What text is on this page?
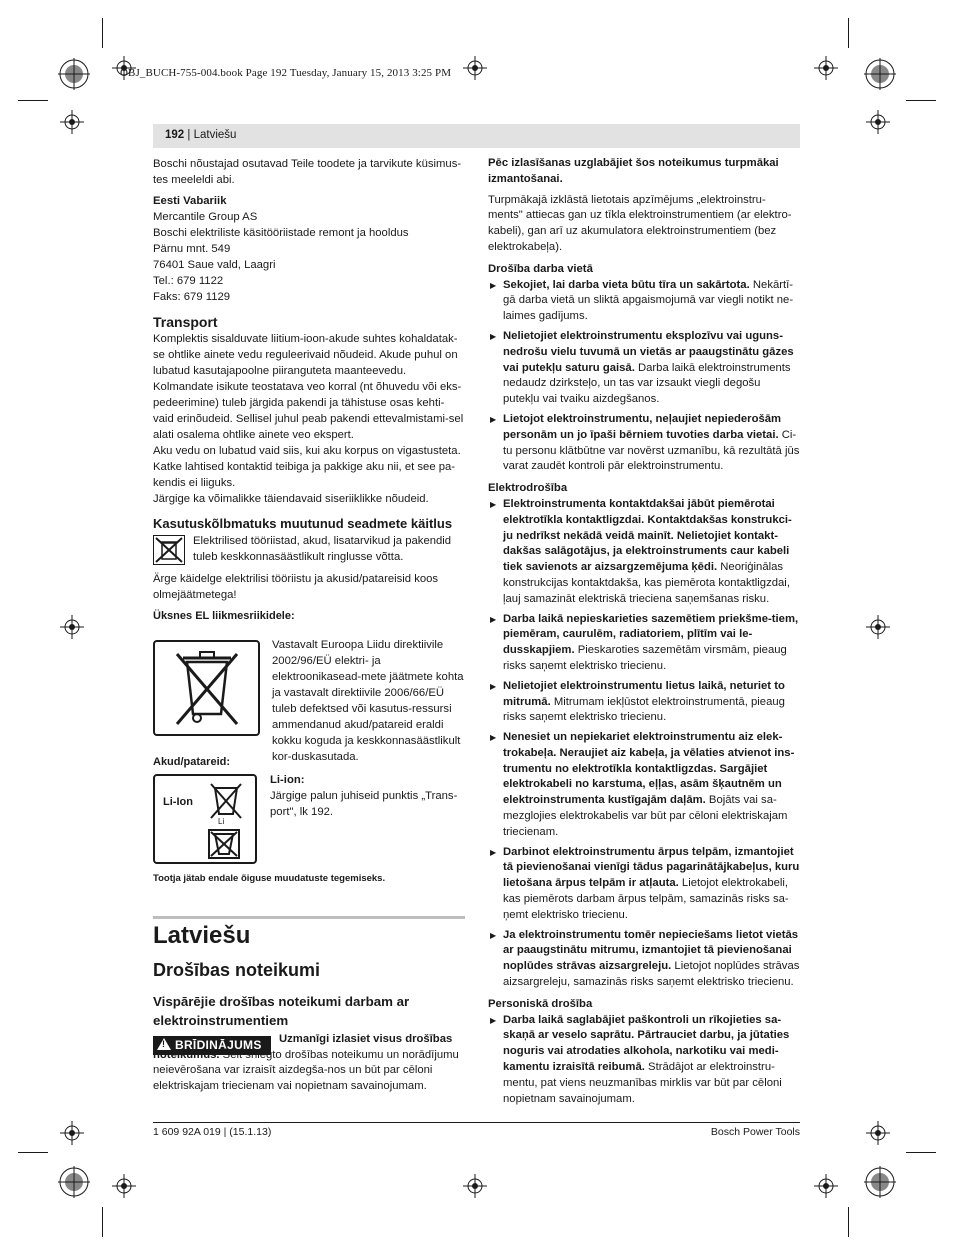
OBJ_BUCH-755-004.book Page 192 Tuesday, January 15, 2013 3:25 PM
192 | Latviešu

Boschi nõustajad osutavad Teile toodete ja tarvikute küsimus-tes meeleldi abi.

Eesti Vabariik

Mercantile Group AS

Boschi elektriliste käsitööriistade remont ja hooldus

Pärnu mnt. 549

76401 Saue vald, Laagri

Tel.: 679 1122

Faks: 679 1129

Transport

Komplektis sisalduvate liitium-ioon-akude suhtes kohaldatak-se ohtlike ainete vedu reguleerivaid nõudeid. Akude puhul on lubatud kasutajapoolne piiranguteta maanteevedu.

Kolmandate isikute teostatava veo korral (nt õhuvedu või eks-pedeerimine) tuleb järgida pakendi ja tähistuse osas kehti-vaid erinõudeid. Sellisel juhul peab pakendi ettevalmistami-sel alati osalema ohtlike ainete veo ekspert.

Aku vedu on lubatud vaid siis, kui aku korpus on vigastusteta. Katke lahtised kontaktid teibiga ja pakkige aku nii, et see pa-kendis ei liiguks.

Järgige ka võimalikke täiendavaid siseriiklikke nõudeid.

Kasutuskõlbmatuks muutunud seadmete käitlus

Elektrilised tööriistad, akud, lisatarvikud ja pakendid tuleb keskkonnasäästlikult ringlusse võtta.

Ärge käidelge elektrilisi tööriistu ja akusid/patareisid koos olmejäätmetega!

Üksnes EL liikmesriikidele:

Vastavalt Euroopa Liidu direktiivile 2002/96/EÜ elektri- ja elektroonikasead-mete jäätmete kohta ja vastavalt direktiivile 2006/66/EÜ tuleb defektsed või kasutus-ressursi ammendanud akud/patareid eraldi kokku koguda ja keskkonnasäästlikult kor-duskasutada.

Akud/patareid:

Li-Ion
Li

Li-ion:

Järgige palun juhiseid punktis „Trans-port", lk 192.

Tootja jätab endale õiguse muudatuste tegemiseks.
Latviešu
Drošības noteikumi
Vispārējie drošības noteikumi darbam ar elektroinstrumentiem
! BRĪDINĀJUMS	Uzmanīgi izlasiet visus drošības noteikumus. Šeit sniegto drošības noteikumu un norādījumu neievērošana var izraisīt aizdegša-nos un būt par cēloni elektriskajam triecienam vai nopietnam savainojumam.

Pēc izlasīšanas uzglabājiet šos noteikumus turpmākai izmantošanai.

Turpmākajā izklāstā lietotais apzīmējums „elektroinstru-ments" attiecas gan uz tīkla elektroinstrumentiem (ar elektro-kabeli), gan arī uz akumulatora elektroinstrumentiem (bez elektrokabeļa).

Drošība darba vietā

▶ Sekojiet, lai darba vieta būtu tīra un sakārtota. Nekārtī-gā darba vietā un sliktā apgaismojumā var viegli notikt ne-laimes gadījums.
▶ Nelietojiet elektroinstrumentu eksplozīvu vai uguns-nedrošu vielu tuvumā un vietās ar paaugstinātu gāzes vai putekļu saturu gaisā. Darba laikā elektroinstruments nedaudz dzirksteļo, un tas var izsaukt viegli degošu putekļu vai tvaiku aizdegšanos.
▶ Lietojot elektroinstrumentu, neļaujiet nepiederošām personām un jo īpaši bērniem tuvoties darba vietai. Ci-tu personu klātbūtne var novērst uzmanību, kā rezultātā jūs varat zaudēt kontroli pār elektroinstrumentu.

Elektrodrošība

▶ Elektroinstrumenta kontaktdakšai jābūt piemērotai elektrotīkla kontaktligzdai. Kontaktdakšas konstrukci-ju nedrīkst nekādā veidā mainīt. Nelietojiet kontakt-dakšas salāgotājus, ja elektroinstruments caur kabeli tiek savienots ar aizsargzemējuma ķēdi. Neoriģinālas konstrukcijas kontaktdakša, kas piemērota kontaktligzdai, ļauj samazināt elektriskā trieciena saņemšanas risku.
▶ Darba laikā nepieskarieties sazemētiem priekšme-tiem, piemēram, caurulēm, radiatoriem, plītīm vai le-dusskapjiem. Pieskaroties sazemētām virsmām, pieaug risks saņemt elektrisko triecienu.
▶ Nelietojiet elektroinstrumentu lietus laikā, neturiet to mitrumā. Mitrumam iekļūstot elektroinstrumentā, pieaug risks saņemt elektrisko triecienu.
▶ Nenesiet un nepiekariet elektroinstrumentu aiz elek-trokabeļa. Neraujiet aiz kabeļa, ja vēlaties atvienot ins-trumentu no elektrotīkla kontaktligzdas. Sargājiet elektrokabeli no karstuma, eļļas, asām šķautnēm un elektroinstrumenta kustīgajām daļām. Bojāts vai sa-mezglojies elektrokabelis var būt par cēloni elektriskajam triecienam.
▶ Darbinot elektroinstrumentu ārpus telpām, izmantojiet tā pievienošanai vienīgi tādus pagarinātājkabeļus, kuru lietošana ārpus telpām ir atļauta. Lietojot elektrokabeli, kas piemērots darbam ārpus telpām, samazinās risks sa-ņemt elektrisko triecienu.
▶ Ja elektroinstrumentu tomēr nepieciešams lietot vietās ar paaugstinātu mitrumu, izmantojiet tā pievienošanai noplūdes strāvas aizsargreleju. Lietojot noplūdes strāvas aizsargreleju, samazinās risks saņemt elektrisko triecienu.

Personiskā drošība

▶ Darba laikā saglabājiet paškontroli un rīkojieties sa-skaņā ar veselo saprātu. Pārtrauciet darbu, ja jūtaties noguris vai atrodaties alkohola, narkotiku vai medi-kamentu izraisītā reibumā. Strādājot ar elektroinstru-mentu, pat viens neuzmanības mirklis var būt par cēloni nopietnam savainojumam.
1 609 92A 019 | (15.1.13)	Bosch Power Tools
